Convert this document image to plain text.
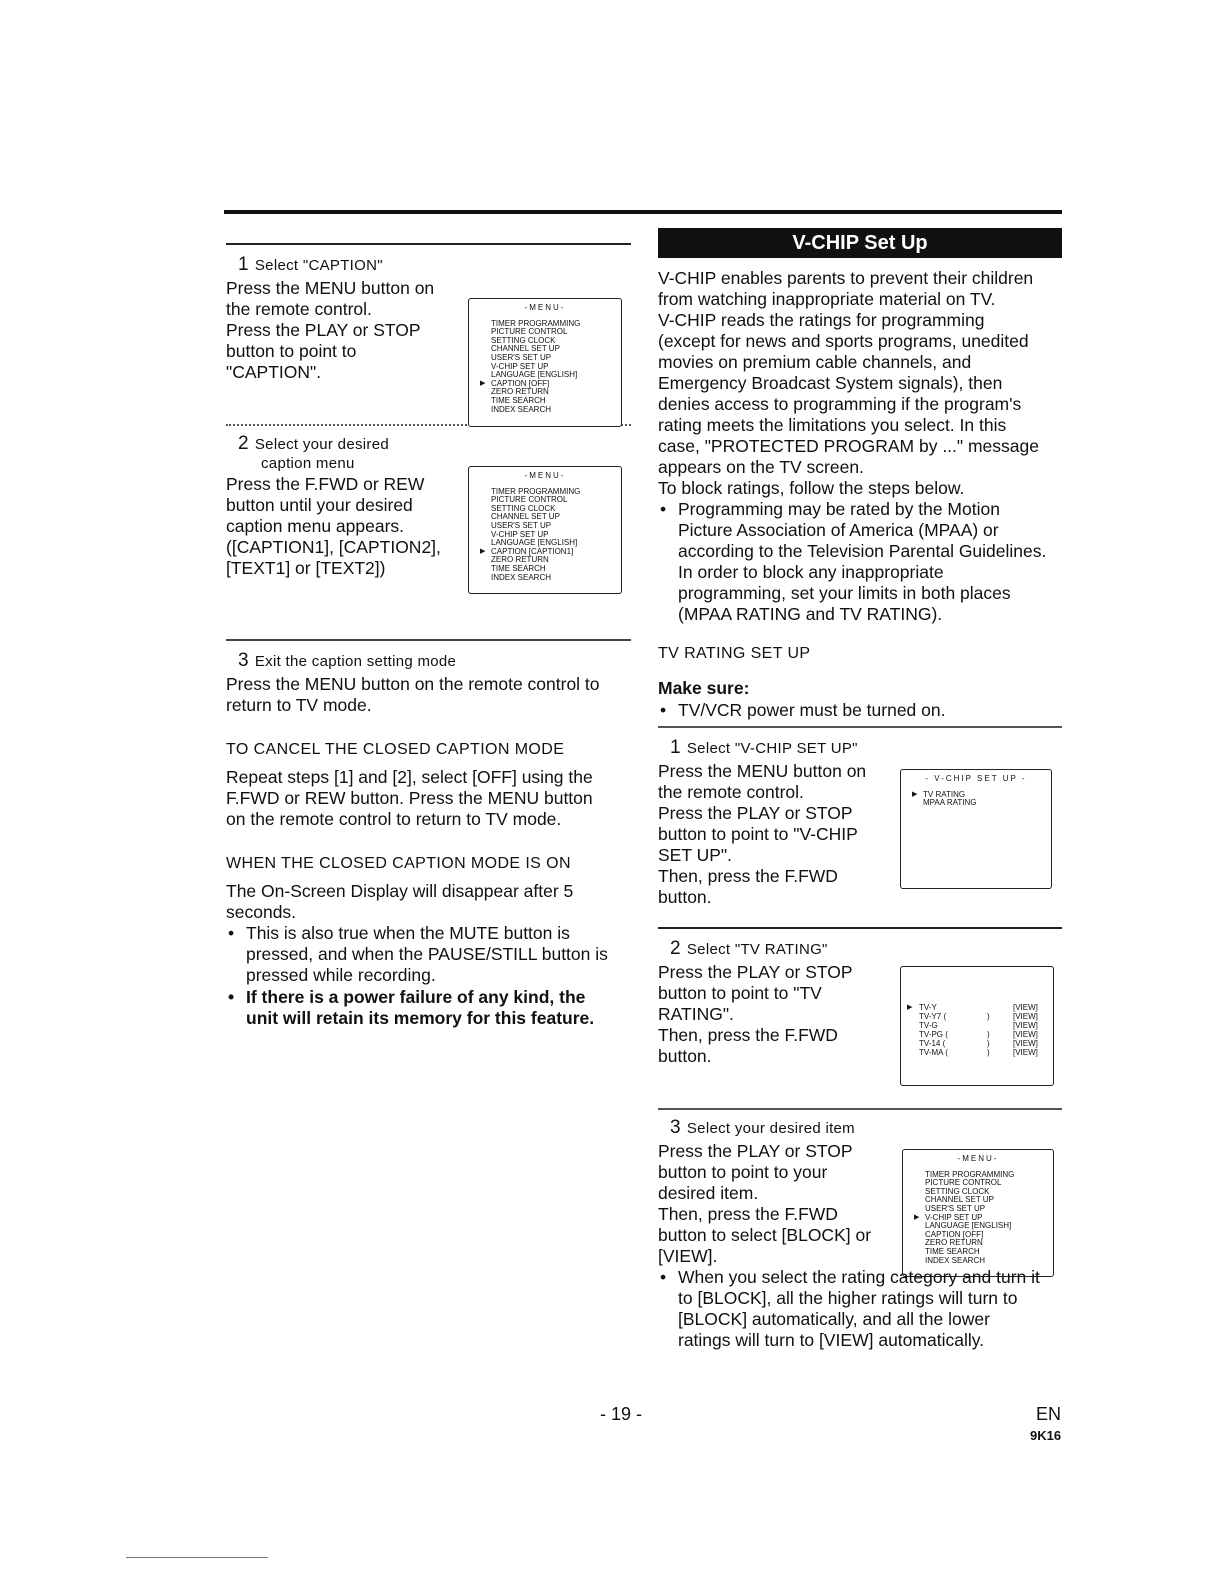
1 Select "CAPTION"
Press the MENU button on
the remote control.
Press the PLAY or STOP
button to point to
"CAPTION".
-MENU-
TIMER PROGRAMMING
PICTURE CONTROL
SETTING CLOCK
CHANNEL SET UP
USER'S SET UP
V-CHIP SET UP
LANGUAGE [ENGLISH]
▶ CAPTION [OFF]
ZERO RETURN
TIME SEARCH
INDEX SEARCH
2 Select your desired
caption menu
Press the F.FWD or REW
button until your desired
caption menu appears.
([CAPTION1], [CAPTION2],
[TEXT1] or [TEXT2])
-MENU-
TIMER PROGRAMMING
PICTURE CONTROL
SETTING CLOCK
CHANNEL SET UP
USER'S SET UP
V-CHIP SET UP
LANGUAGE [ENGLISH]
▶ CAPTION [CAPTION1]
ZERO RETURN
TIME SEARCH
INDEX SEARCH
3 Exit the caption setting mode
Press the MENU button on the remote control to
return to TV mode.
TO CANCEL THE CLOSED CAPTION MODE
Repeat steps [1] and [2], select [OFF] using the
F.FWD or REW button. Press the MENU button
on the remote control to return to TV mode.
WHEN THE CLOSED CAPTION MODE IS ON
The On-Screen Display will disappear after 5
seconds.
• This is also true when the MUTE button is
pressed, and when the PAUSE/STILL button is
pressed while recording.
• If there is a power failure of any kind, the
unit will retain its memory for this feature.
V-CHIP Set Up
V-CHIP enables parents to prevent their children
from watching inappropriate material on TV.
V-CHIP reads the ratings for programming
(except for news and sports programs, unedited
movies on premium cable channels, and
Emergency Broadcast System signals), then
denies access to programming if the program's
rating meets the limitations you select. In this
case, "PROTECTED PROGRAM by ..." message
appears on the TV screen.
To block ratings, follow the steps below.
• Programming may be rated by the Motion
Picture Association of America (MPAA) or
according to the Television Parental Guidelines.
In order to block any inappropriate
programming, set your limits in both places
(MPAA RATING and TV RATING).
TV RATING SET UP
Make sure:
• TV/VCR power must be turned on.
1 Select "V-CHIP SET UP"
Press the MENU button on
the remote control.
Press the PLAY or STOP
button to point to "V-CHIP
SET UP".
Then, press the F.FWD
button.
- V-CHIP SET UP -
▶ TV RATING
MPAA RATING
2 Select "TV RATING"
Press the PLAY or STOP
button to point to "TV
RATING".
Then, press the F.FWD
button.
▶ TV-Y	[VIEW]
TV-Y7 (	)	[VIEW]
TV-G	[VIEW]
TV-PG (	)	[VIEW]
TV-14 (	)	[VIEW]
TV-MA (	)	[VIEW]
3 Select your desired item
Press the PLAY or STOP
button to point to your
desired item.
Then, press the F.FWD
button to select [BLOCK] or
[VIEW].
-MENU-
TIMER PROGRAMMING
PICTURE CONTROL
SETTING CLOCK
CHANNEL SET UP
USER'S SET UP
▶ V-CHIP SET UP
LANGUAGE [ENGLISH]
CAPTION [OFF]
ZERO RETURN
TIME SEARCH
INDEX SEARCH
• When you select the rating category and turn it
to [BLOCK], all the higher ratings will turn to
[BLOCK] automatically, and all the lower
ratings will turn to [VIEW] automatically.
- 19 -	EN
9K16
